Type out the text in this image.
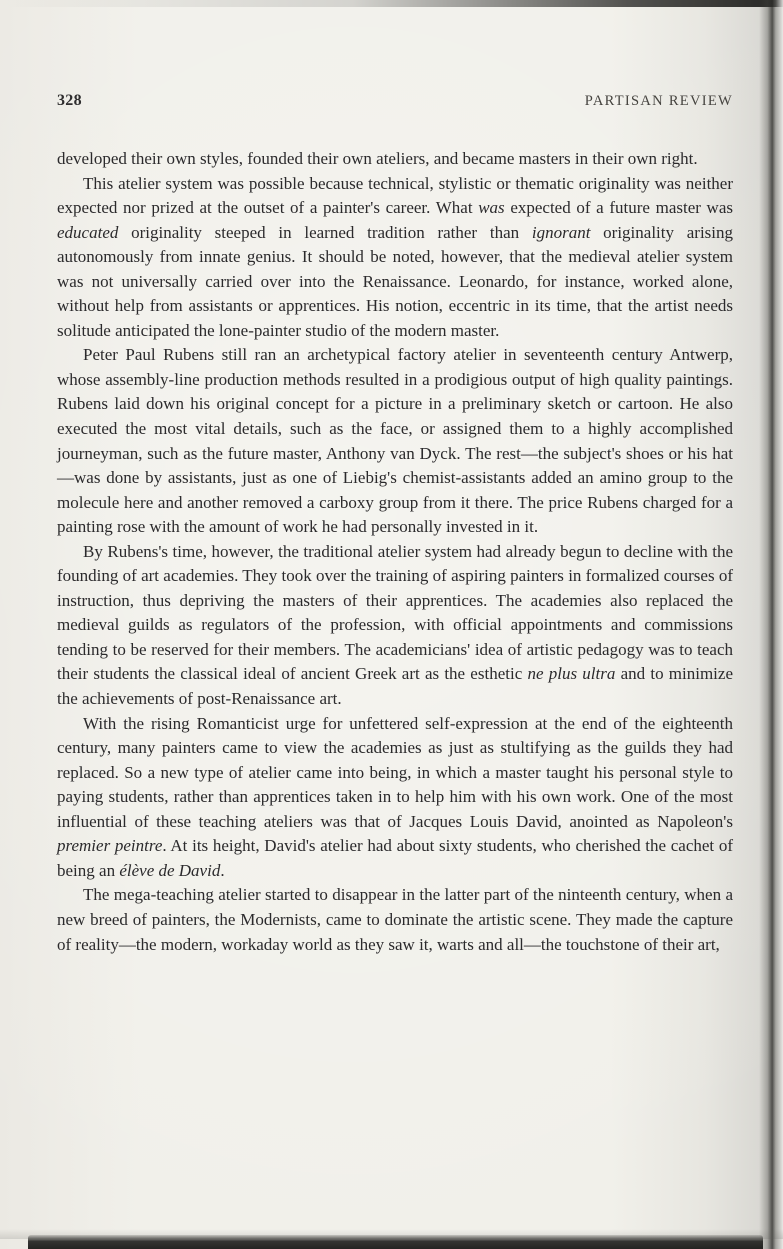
328	PARTISAN REVIEW

developed their own styles, founded their own ateliers, and became masters in their own right.

This atelier system was possible because technical, stylistic or thematic originality was neither expected nor prized at the outset of a painter's career. What was expected of a future master was educated originality steeped in learned tradition rather than ignorant originality arising autonomously from innate genius. It should be noted, however, that the medieval atelier system was not universally carried over into the Renaissance. Leonardo, for instance, worked alone, without help from assistants or apprentices. His notion, eccentric in its time, that the artist needs solitude anticipated the lone-painter studio of the modern master.

Peter Paul Rubens still ran an archetypical factory atelier in seventeenth century Antwerp, whose assembly-line production methods resulted in a prodigious output of high quality paintings. Rubens laid down his original concept for a picture in a preliminary sketch or cartoon. He also executed the most vital details, such as the face, or assigned them to a highly accomplished journeyman, such as the future master, Anthony van Dyck. The rest—the subject's shoes or his hat—was done by assistants, just as one of Liebig's chemist-assistants added an amino group to the molecule here and another removed a carboxy group from it there. The price Rubens charged for a painting rose with the amount of work he had personally invested in it.

By Rubens's time, however, the traditional atelier system had already begun to decline with the founding of art academies. They took over the training of aspiring painters in formalized courses of instruction, thus depriving the masters of their apprentices. The academies also replaced the medieval guilds as regulators of the profession, with official appointments and commissions tending to be reserved for their members. The academicians' idea of artistic pedagogy was to teach their students the classical ideal of ancient Greek art as the esthetic ne plus ultra and to minimize the achievements of post-Renaissance art.

With the rising Romanticist urge for unfettered self-expression at the end of the eighteenth century, many painters came to view the academies as just as stultifying as the guilds they had replaced. So a new type of atelier came into being, in which a master taught his personal style to paying students, rather than apprentices taken in to help him with his own work. One of the most influential of these teaching ateliers was that of Jacques Louis David, anointed as Napoleon's premier peintre. At its height, David's atelier had about sixty students, who cherished the cachet of being an élève de David.

The mega-teaching atelier started to disappear in the latter part of the ninteenth century, when a new breed of painters, the Modernists, came to dominate the artistic scene. They made the capture of reality—the modern, workaday world as they saw it, warts and all—the touchstone of their art,
